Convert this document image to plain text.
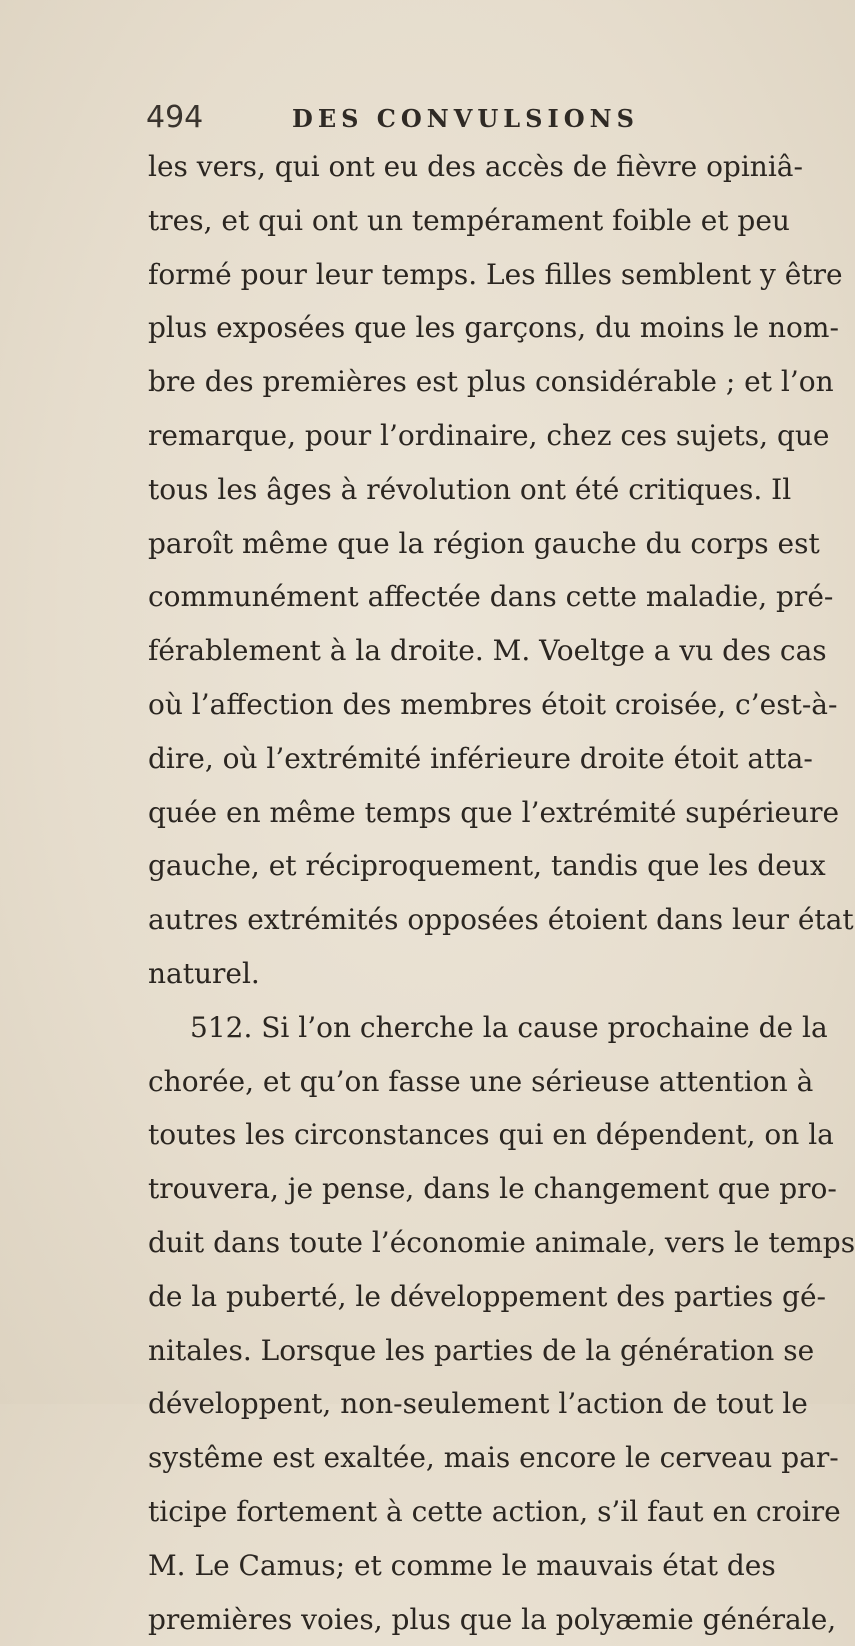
494	DES CONVULSIONS
les vers, qui ont eu des accès de fièvre opiniâ-
tres, et qui ont un tempérament foible et peu
formé pour leur temps. Les filles semblent y être
plus exposées que les garçons, du moins le nom-
bre des premières est plus considérable ; et l’on
remarque, pour l’ordinaire, chez ces sujets, que
tous les âges à révolution ont été critiques. Il
paroît même que la région gauche du corps est
communément affectée dans cette maladie, pré-
férablement à la droite. M. Voeltge a vu des cas
où l’affection des membres étoit croisée, c’est-à-
dire, où l’extrémité inférieure droite étoit atta-
quée en même temps que l’extrémité supérieure
gauche, et réciproquement, tandis que les deux
autres extrémités opposées étoient dans leur état
naturel.
512. Si l’on cherche la cause prochaine de la
chorée, et qu’on fasse une sérieuse attention à
toutes les circonstances qui en dépendent, on la
trouvera, je pense, dans le changement que pro-
duit dans toute l’économie animale, vers le temps
de la puberté, le développement des parties gé-
nitales. Lorsque les parties de la génération se
développent, non-seulement l’action de tout le
systême est exaltée, mais encore le cerveau par-
ticipe fortement à cette action, s’il faut en croire
M. Le Camus; et comme le mauvais état des
premières voies, plus que la polyæmie générale,
